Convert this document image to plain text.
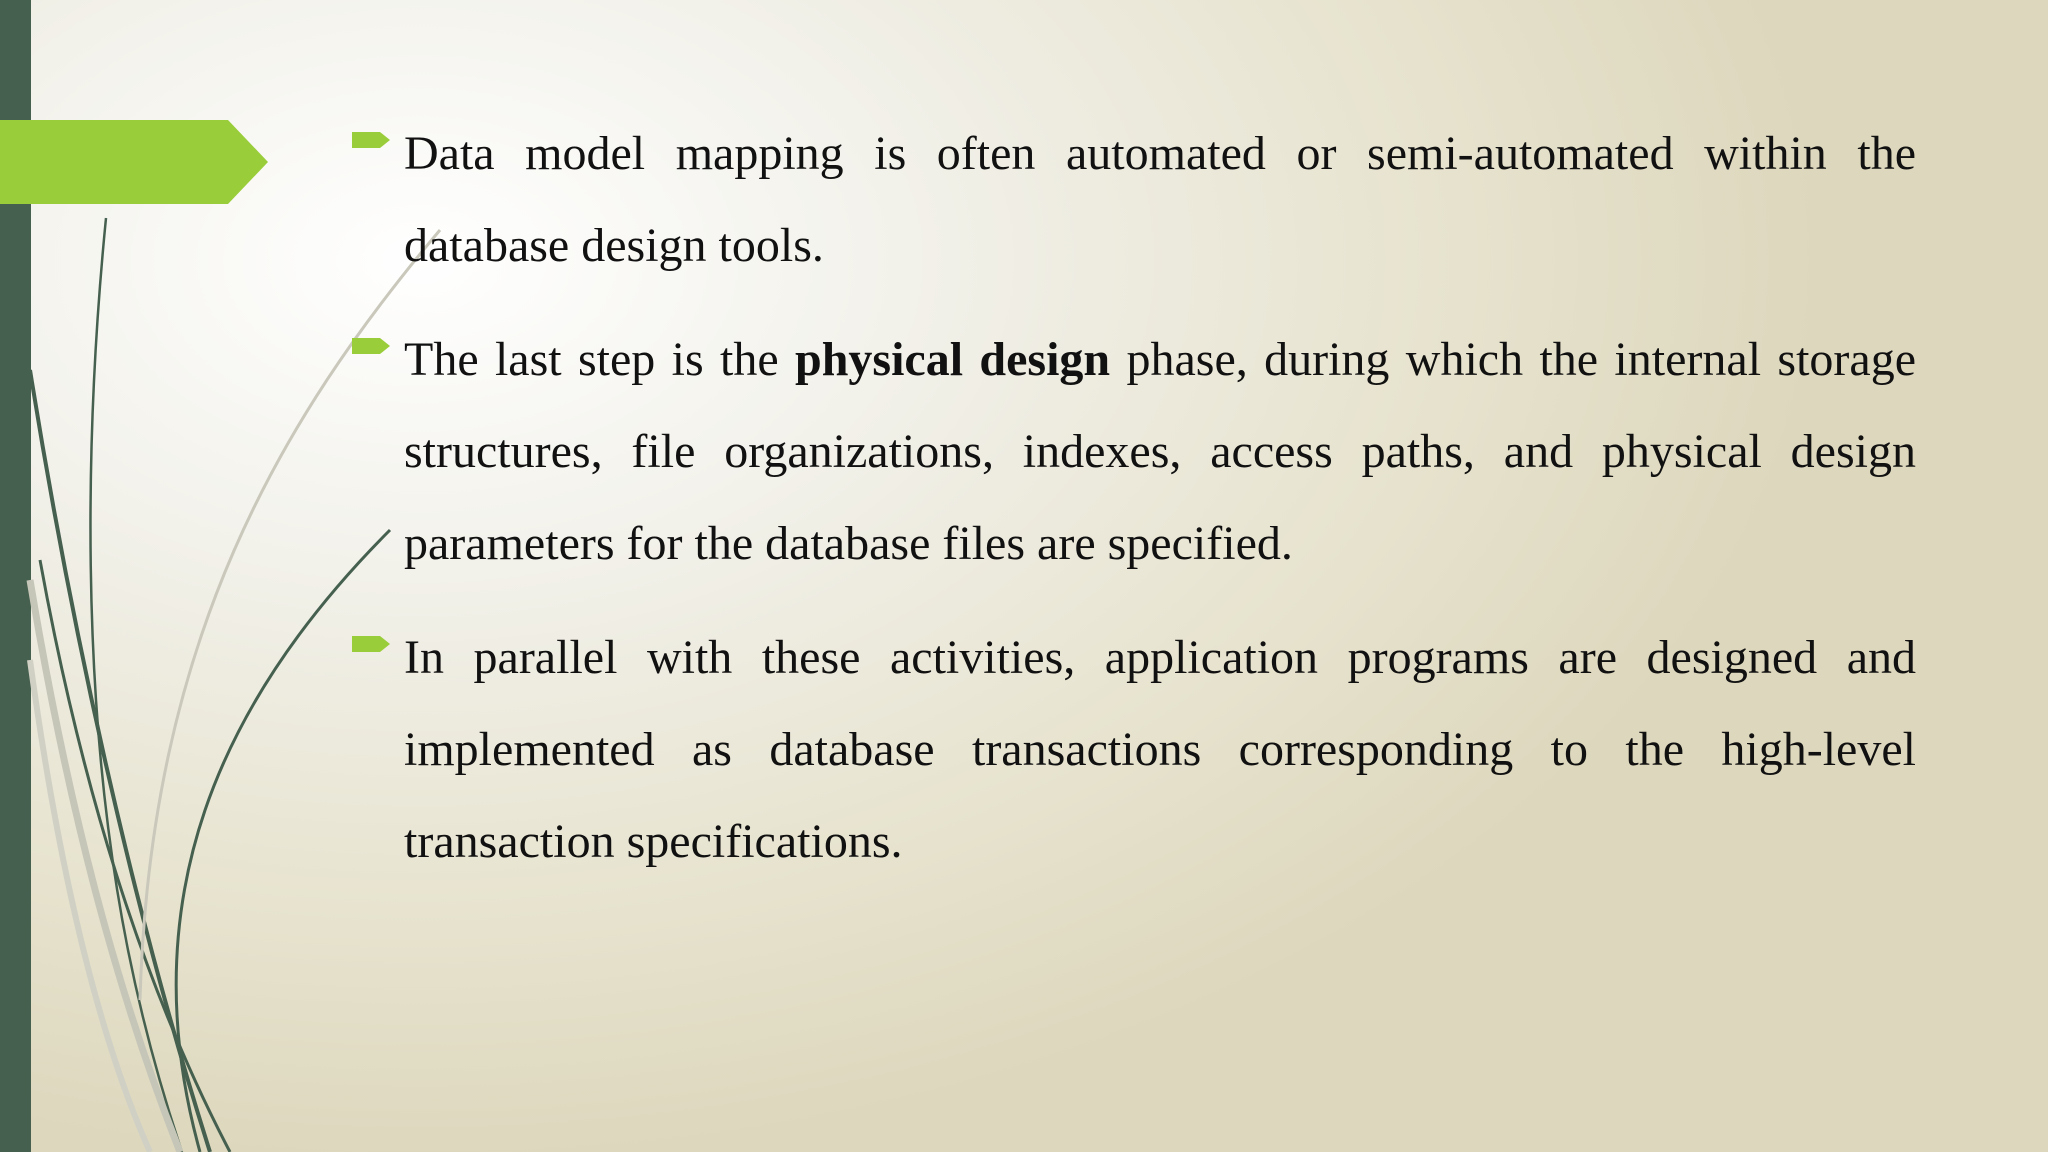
Data model mapping is often automated or semi-automated within the database design tools.

The last step is the physical design phase, during which the internal storage structures, file organizations, indexes, access paths, and physical design parameters for the database files are specified.

In parallel with these activities, application programs are designed and implemented as database transactions corresponding to the high-level transaction specifications.
